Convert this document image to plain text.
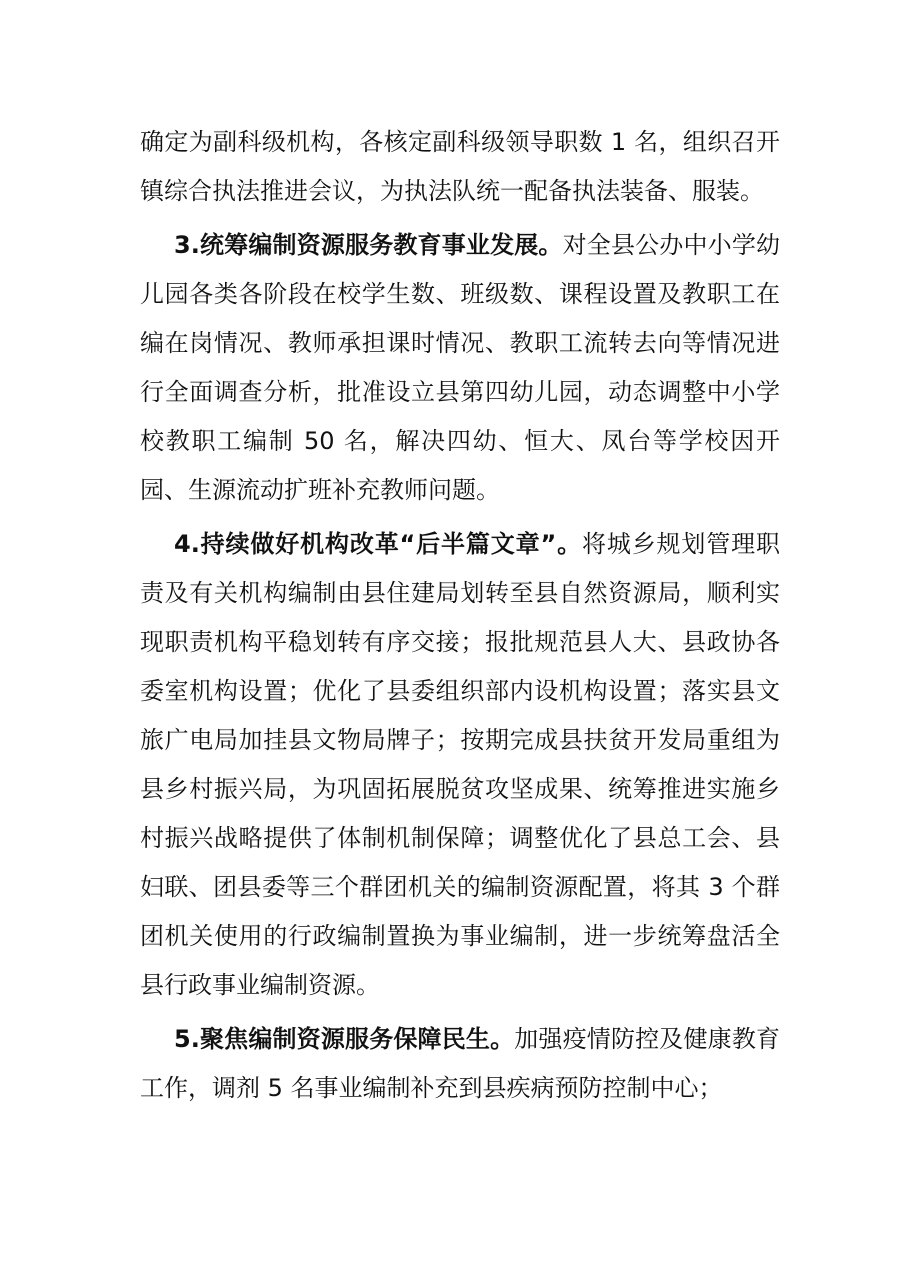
确定为副科级机构，各核定副科级领导职数 1 名，组织召开镇综合执法推进会议，为执法队统一配备执法装备、服装。

3.统筹编制资源服务教育事业发展。对全县公办中小学幼儿园各类各阶段在校学生数、班级数、课程设置及教职工在编在岗情况、教师承担课时情况、教职工流转去向等情况进行全面调查分析，批准设立县第四幼儿园，动态调整中小学校教职工编制 50 名，解决四幼、恒大、凤台等学校因开园、生源流动扩班补充教师问题。

4.持续做好机构改革“后半篇文章”。将城乡规划管理职责及有关机构编制由县住建局划转至县自然资源局，顺利实现职责机构平稳划转有序交接；报批规范县人大、县政协各委室机构设置；优化了县委组织部内设机构设置；落实县文旅广电局加挂县文物局牌子；按期完成县扶贫开发局重组为县乡村振兴局，为巩固拓展脱贫攻坚成果、统筹推进实施乡村振兴战略提供了体制机制保障；调整优化了县总工会、县妇联、团县委等三个群团机关的编制资源配置，将其 3 个群团机关使用的行政编制置换为事业编制，进一步统筹盘活全县行政事业编制资源。

5.聚焦编制资源服务保障民生。加强疫情防控及健康教育工作，调剂 5 名事业编制补充到县疾病预防控制中心；
